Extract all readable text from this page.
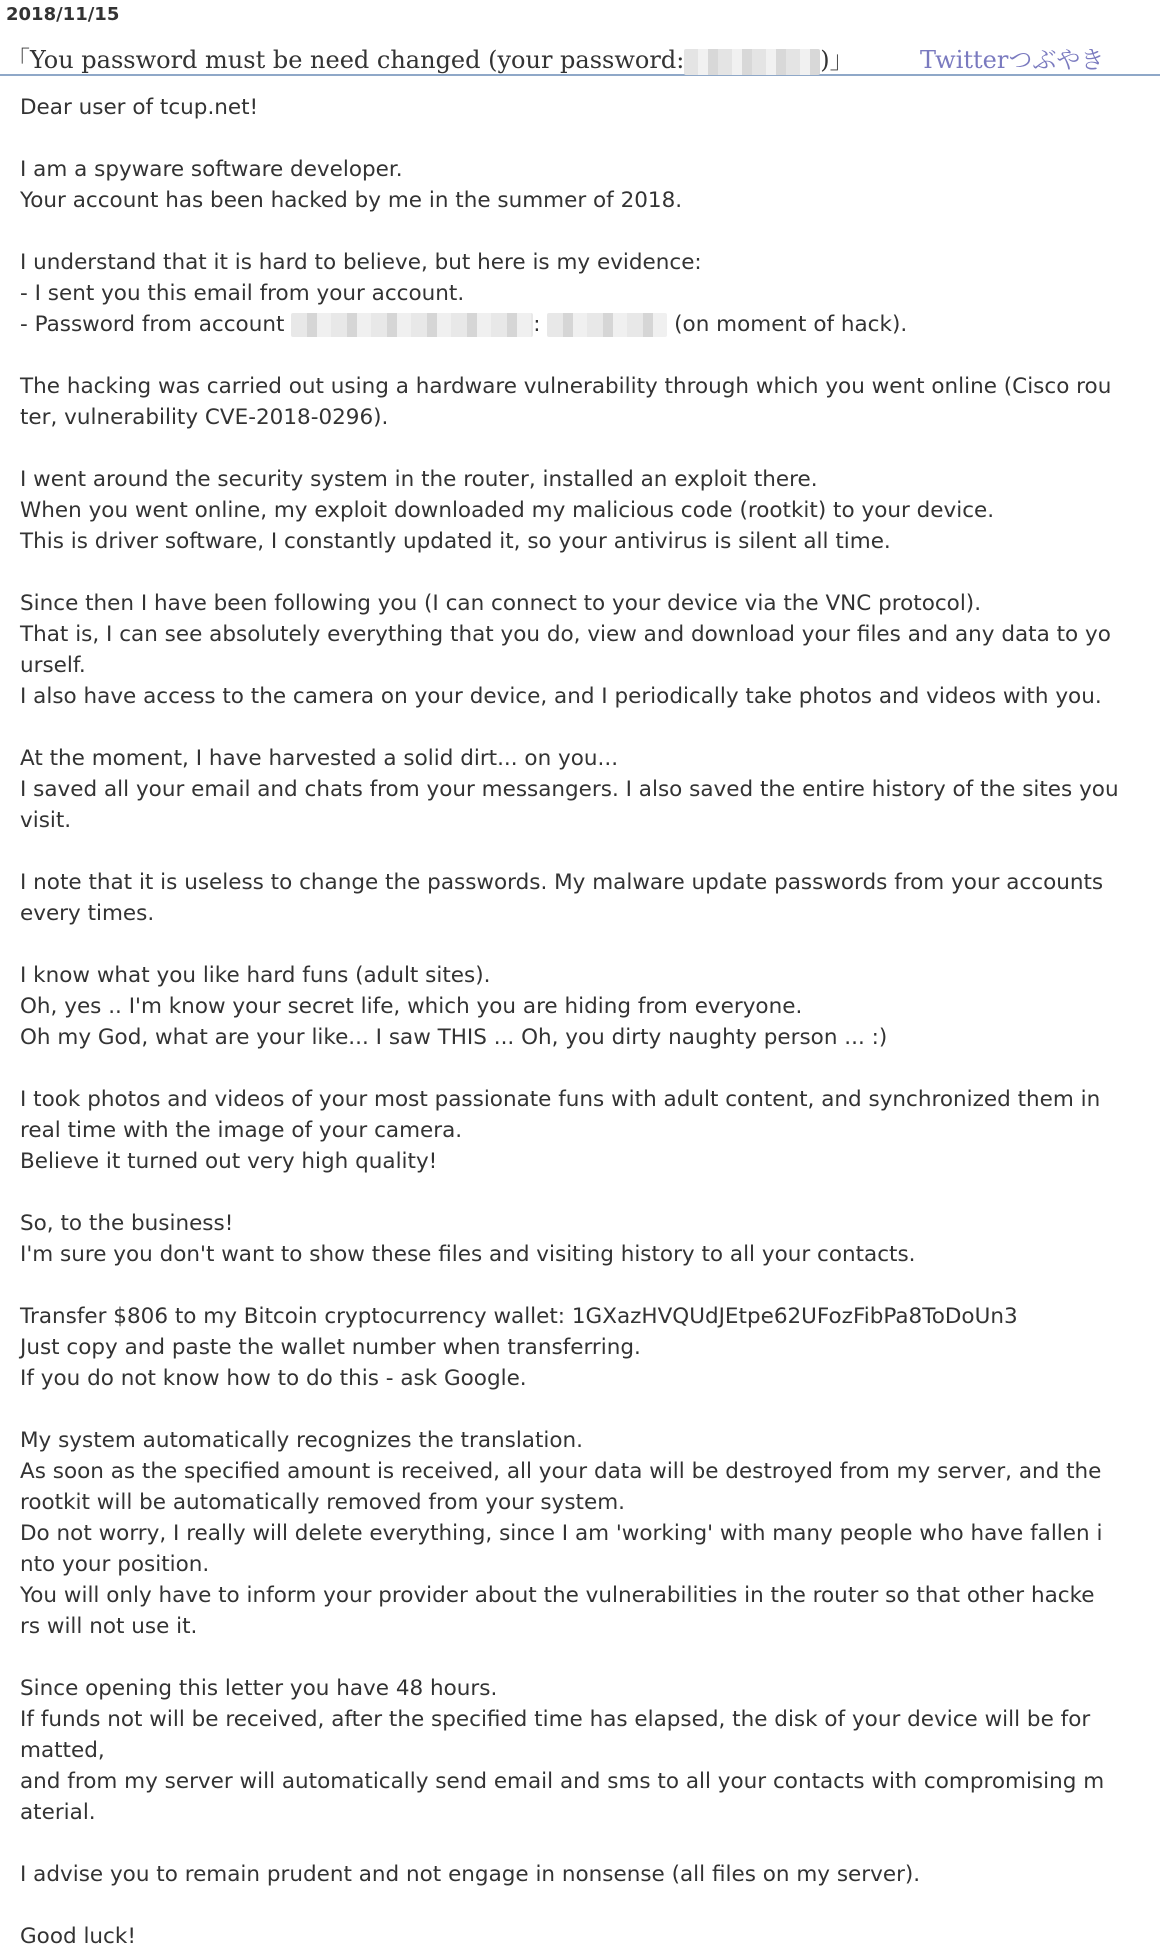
2018/11/15
「You password must be need changed (your password:	)」	Twitterつぶやき
Dear user of tcup.net!
I am a spyware software developer.
Your account has been hacked by me in the summer of 2018.
I understand that it is hard to believe, but here is my evidence:
- I sent you this email from your account.
- Password from account	:	(on moment of hack).
The hacking was carried out using a hardware vulnerability through which you went online (Cisco rou
ter, vulnerability CVE-2018-0296).
I went around the security system in the router, installed an exploit there.
When you went online, my exploit downloaded my malicious code (rootkit) to your device.
This is driver software, I constantly updated it, so your antivirus is silent all time.
Since then I have been following you (I can connect to your device via the VNC protocol).
That is, I can see absolutely everything that you do, view and download your files and any data to yo
urself.
I also have access to the camera on your device, and I periodically take photos and videos with you.
At the moment, I have harvested a solid dirt... on you...
I saved all your email and chats from your messangers. I also saved the entire history of the sites you
visit.
I note that it is useless to change the passwords. My malware update passwords from your accounts
every times.
I know what you like hard funs (adult sites).
Oh, yes .. I'm know your secret life, which you are hiding from everyone.
Oh my God, what are your like... I saw THIS ... Oh, you dirty naughty person ... :)
I took photos and videos of your most passionate funs with adult content, and synchronized them in
real time with the image of your camera.
Believe it turned out very high quality!
So, to the business!
I'm sure you don't want to show these files and visiting history to all your contacts.
Transfer $806 to my Bitcoin cryptocurrency wallet: 1GXazHVQUdJEtpe62UFozFibPa8ToDoUn3
Just copy and paste the wallet number when transferring.
If you do not know how to do this - ask Google.
My system automatically recognizes the translation.
As soon as the specified amount is received, all your data will be destroyed from my server, and the
rootkit will be automatically removed from your system.
Do not worry, I really will delete everything, since I am 'working' with many people who have fallen i
nto your position.
You will only have to inform your provider about the vulnerabilities in the router so that other hacke
rs will not use it.
Since opening this letter you have 48 hours.
If funds not will be received, after the specified time has elapsed, the disk of your device will be for
matted,
and from my server will automatically send email and sms to all your contacts with compromising m
aterial.
I advise you to remain prudent and not engage in nonsense (all files on my server).
Good luck!
